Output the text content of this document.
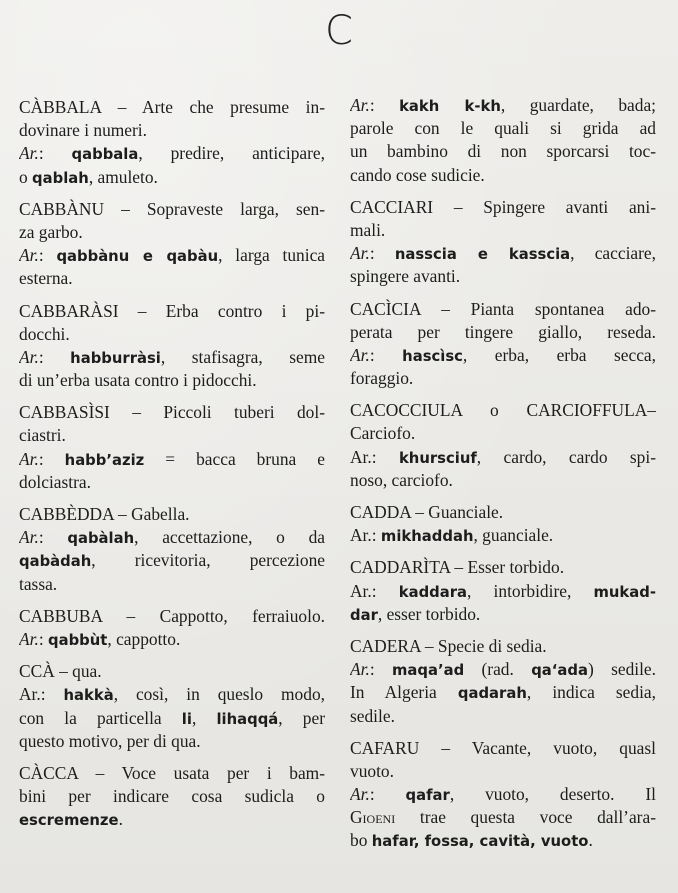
C
CÀBBALA – Arte che presume in-
dovinare i numeri.
Ar.: qabbala, predire, anticipare,
o qablah, amuleto.
CABBÀNU – Sopraveste larga, sen-
za garbo.
Ar.: qabbànu e qabàu, larga tunica
esterna.
CABBARÀSI – Erba contro i pi-
docchi.
Ar.: habburràsi, stafisagra, seme
di un’erba usata contro i pidocchi.
CABBASÌSI – Piccoli tuberi dol-
ciastri.
Ar.: habb’aziz = bacca bruna e
dolciastra.
CABBÈDDA – Gabella.
Ar.: qabàlah, accettazione, o da
qabàdah, ricevitoria, percezione
tassa.
CABBUBA – Cappotto, ferraiuolo.
Ar.: qabbùt, cappotto.
CCÀ – qua.
Ar.: hakkà, così, in queslo modo,
con la particella li, lihaqqá, per
questo motivo, per di qua.
CÀCCA – Voce usata per i bam-
bini per indicare cosa sudicla o
escremenze.
Ar.: kakh k-kh, guardate, bada;
parole con le quali si grida ad
un bambino di non sporcarsi toc-
cando cose sudicie.
CACCIARI – Spingere avanti ani-
mali.
Ar.: nasscia e kasscia, cacciare,
spingere avanti.
CACÌCIA – Pianta spontanea ado-
perata per tingere giallo, reseda.
Ar.: hascìsc, erba, erba secca,
foraggio.
CACOCCIULA o CARCIOFFULA–
Carciofo.
Ar.: khursciuf, cardo, cardo spi-
noso, carciofo.
CADDA – Guanciale.
Ar.: mikhaddah, guanciale.
CADDARÌTA – Esser torbido.
Ar.: kaddara, intorbidire, mukad-
dar, esser torbido.
CADERA – Specie di sedia.
Ar.: maqa’ad (rad. qa‘ada) sedile.
In Algeria qadarah, indica sedia,
sedile.
CAFARU – Vacante, vuoto, quasl
vuoto.
Ar.: qafar, vuoto, deserto. Il
Gioeni trae questa voce dall’ara-
bo hafar, fossa, cavità, vuoto.
